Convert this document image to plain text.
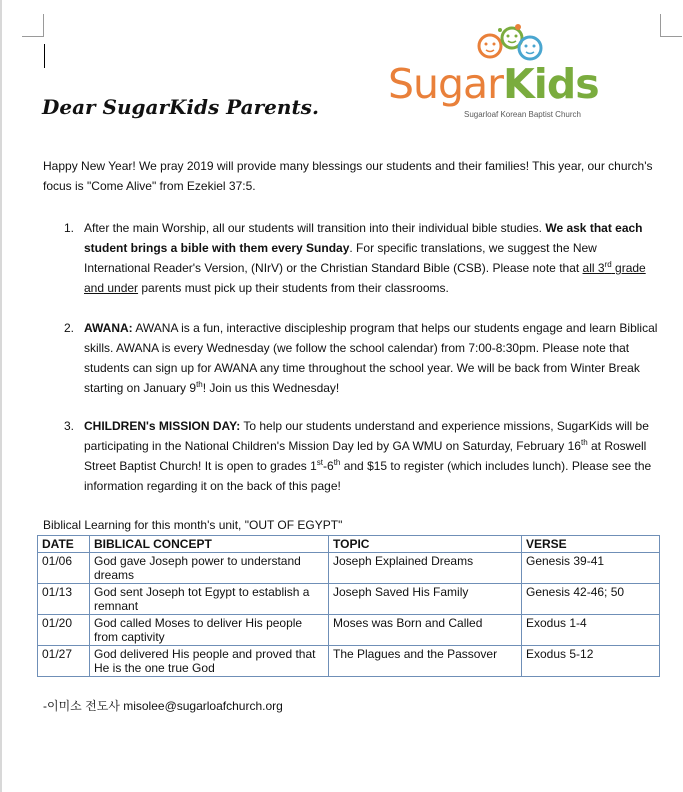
SugarKids
Sugarloaf Korean Baptist Church
Dear SugarKids Parents.
Happy New Year! We pray 2019 will provide many blessings our students and their families! This year, our church's focus is "Come Alive" from Ezekiel 37:5.
1. After the main Worship, all our students will transition into their individual bible studies. We ask that each student brings a bible with them every Sunday. For specific translations, we suggest the New International Reader's Version, (NIrV) or the Christian Standard Bible (CSB). Please note that all 3rd grade and under parents must pick up their students from their classrooms.
2. AWANA: AWANA is a fun, interactive discipleship program that helps our students engage and learn Biblical skills. AWANA is every Wednesday (we follow the school calendar) from 7:00-8:30pm. Please note that students can sign up for AWANA any time throughout the school year. We will be back from Winter Break starting on January 9th! Join us this Wednesday!
3. CHILDREN's MISSION DAY: To help our students understand and experience missions, SugarKids will be participating in the National Children's Mission Day led by GA WMU on Saturday, February 16th at Roswell Street Baptist Church! It is open to grades 1st-6th and $15 to register (which includes lunch). Please see the information regarding it on the back of this page!
Biblical Learning for this month's unit, "OUT OF EGYPT"
DATE	BIBLICAL CONCEPT	TOPIC	VERSE
01/06	God gave Joseph power to understand dreams	Joseph Explained Dreams	Genesis 39-41
01/13	God sent Joseph tot Egypt to establish a remnant	Joseph Saved His Family	Genesis 42-46; 50
01/20	God called Moses to deliver His people from captivity	Moses was Born and Called	Exodus 1-4
01/27	God delivered His people and proved that He is the one true God	The Plagues and the Passover	Exodus 5-12
-이미소 전도사 misolee@sugarloafchurch.org
